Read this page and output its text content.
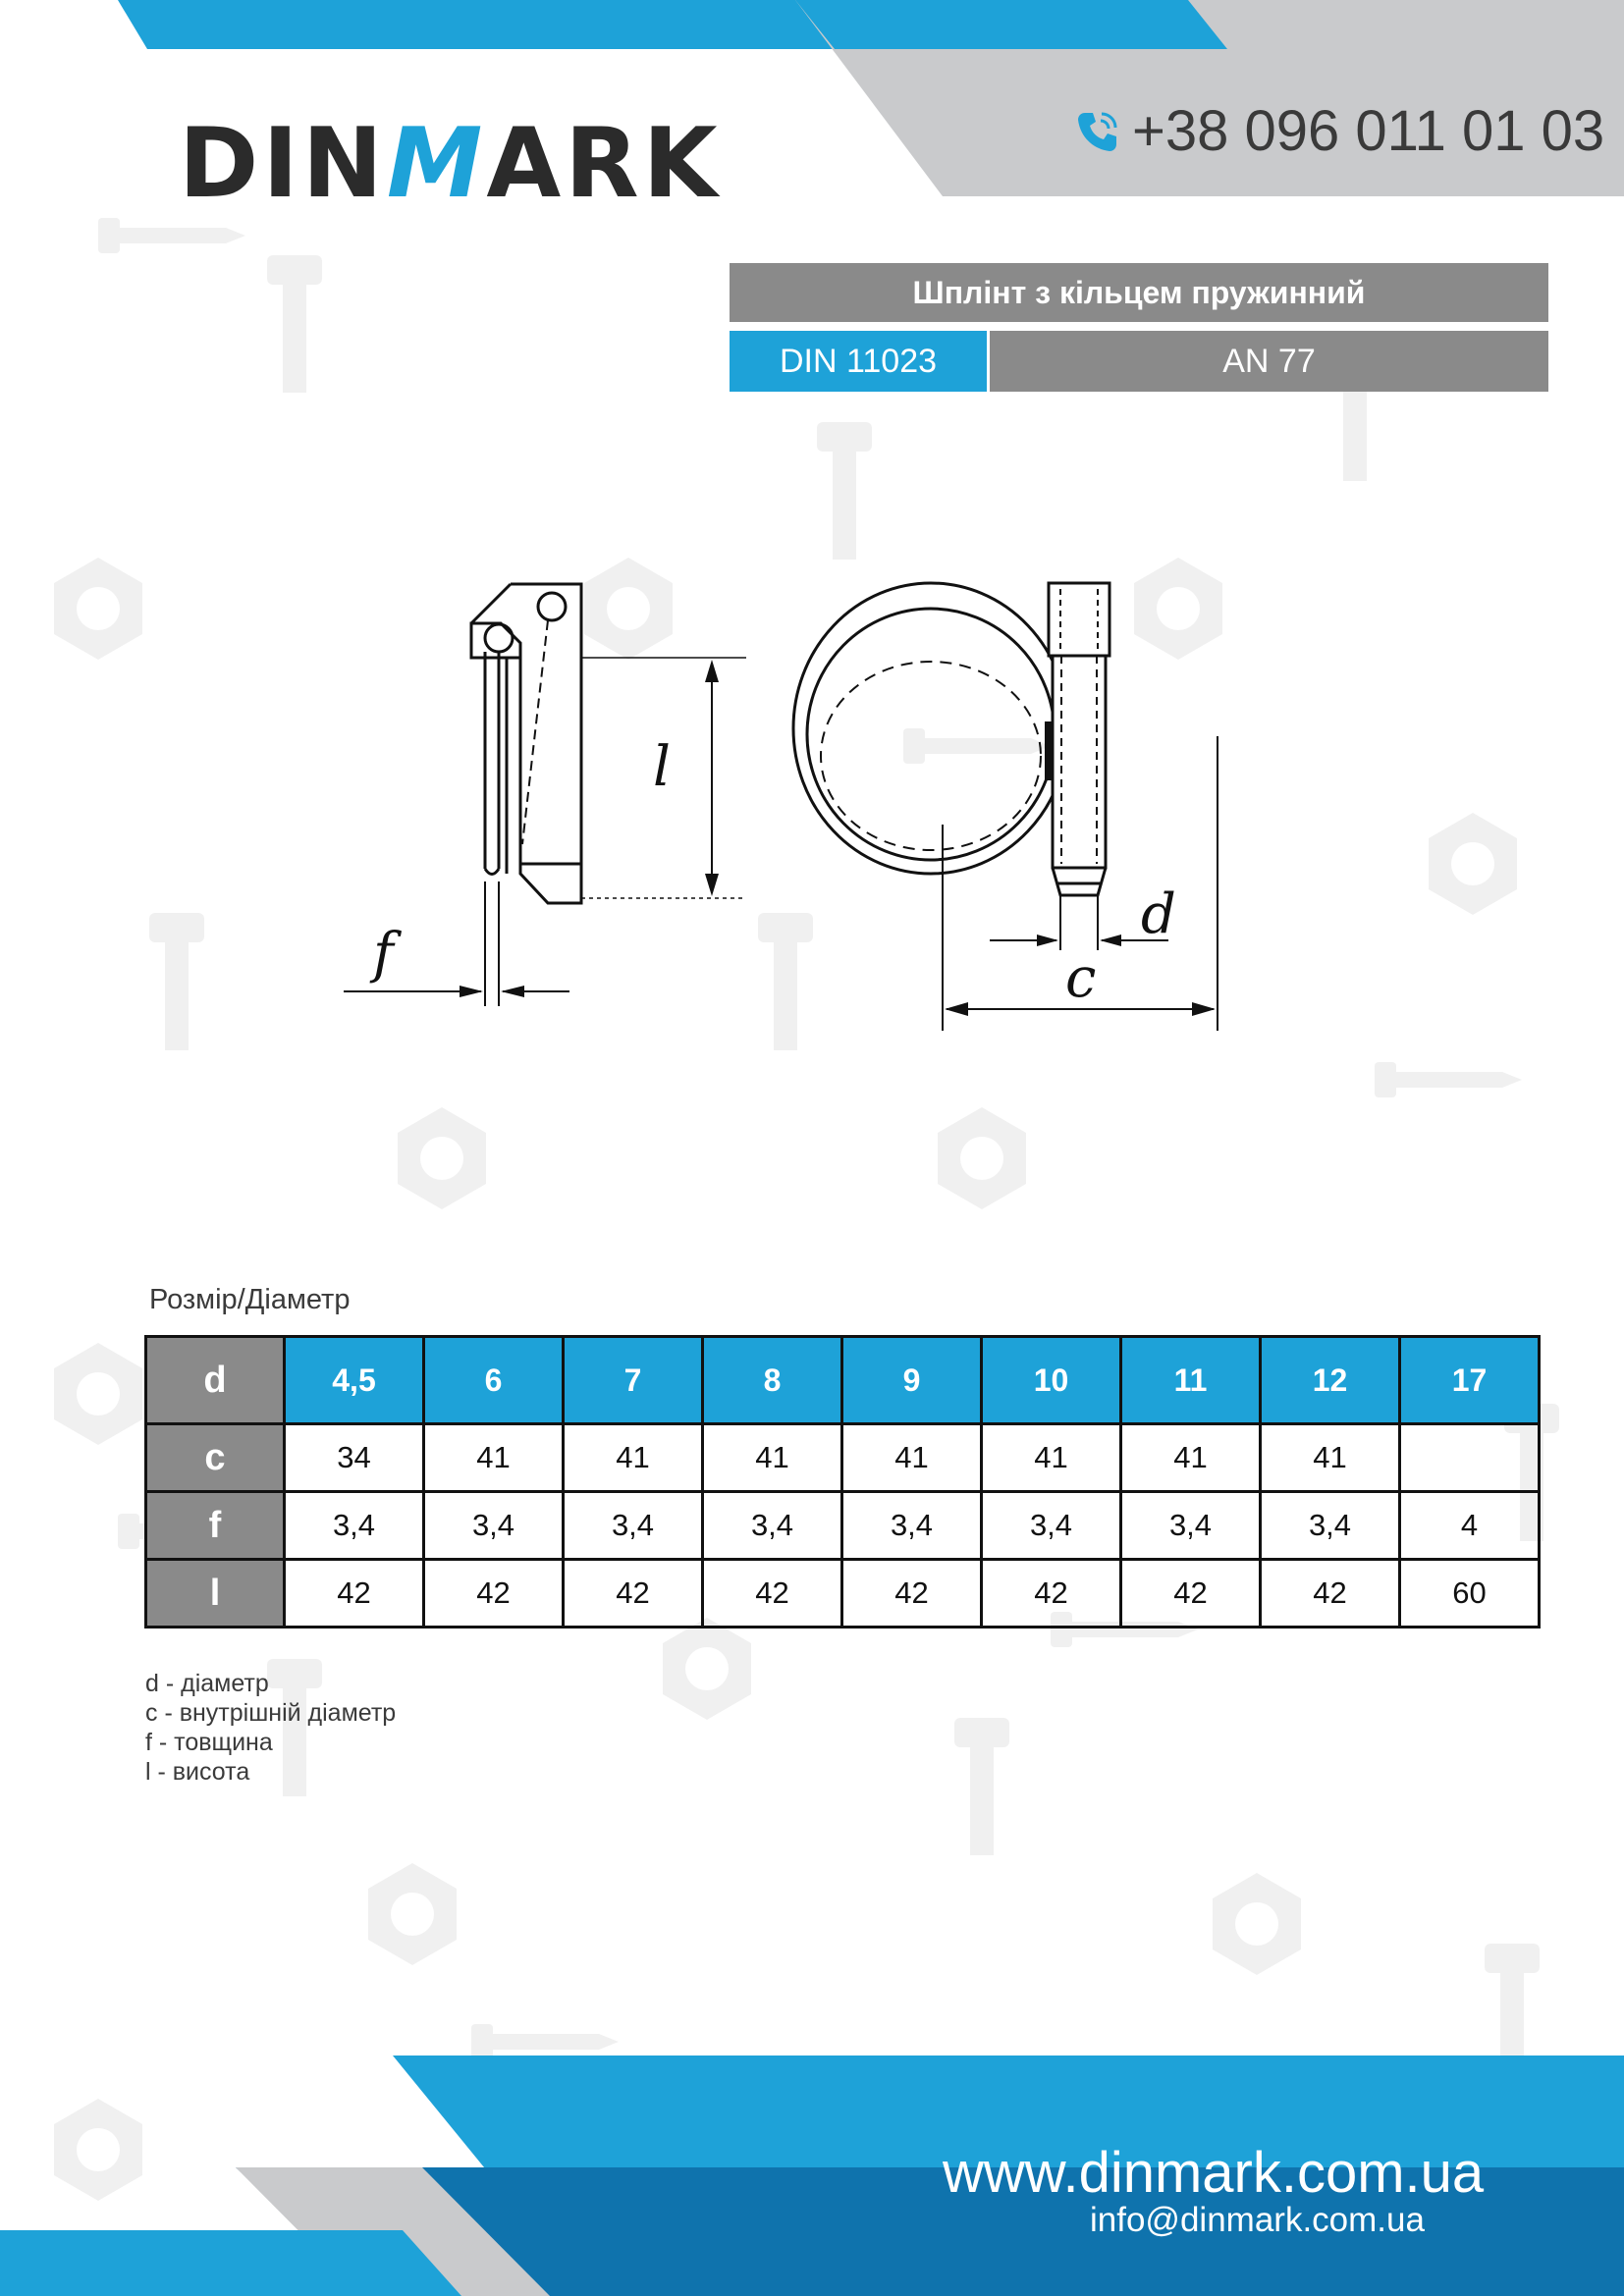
DINMARK	+38 096 011 01 03
Шплінт з кільцем пружинний
DIN 11023	AN 77
f
l
d
c
Розмір/Діаметр
d	4,5	6	7	8	9	10	11	12	17
c	34	41	41	41	41	41	41	41	
f	3,4	3,4	3,4	3,4	3,4	3,4	3,4	3,4	4
l	42	42	42	42	42	42	42	42	60
d - діаметр
c - внутрішній діаметр
f - товщина
l - висота
www.dinmark.com.ua
info@dinmark.com.ua
